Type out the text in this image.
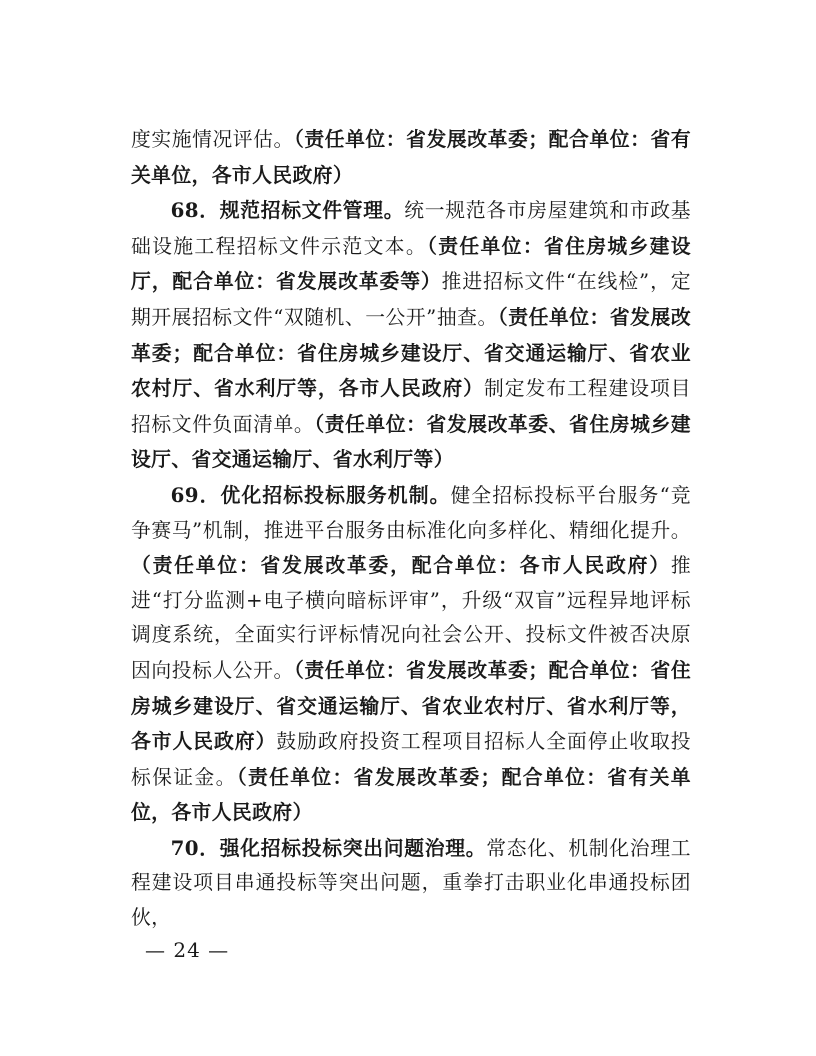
度实施情况评估。（责任单位：省发展改革委；配合单位：省有关单位，各市人民政府）

68．规范招标文件管理。统一规范各市房屋建筑和市政基础设施工程招标文件示范文本。（责任单位：省住房城乡建设厅，配合单位：省发展改革委等）推进招标文件“在线检”，定期开展招标文件“双随机、一公开”抽查。（责任单位：省发展改革委；配合单位：省住房城乡建设厅、省交通运输厅、省农业农村厅、省水利厅等，各市人民政府）制定发布工程建设项目招标文件负面清单。（责任单位：省发展改革委、省住房城乡建设厅、省交通运输厅、省水利厅等）

69．优化招标投标服务机制。健全招标投标平台服务“竞争赛马”机制，推进平台服务由标准化向多样化、精细化提升。（责任单位：省发展改革委，配合单位：各市人民政府）推进“打分监测+电子横向暗标评审”，升级“双盲”远程异地评标调度系统，全面实行评标情况向社会公开、投标文件被否决原因向投标人公开。（责任单位：省发展改革委；配合单位：省住房城乡建设厅、省交通运输厅、省农业农村厅、省水利厅等，各市人民政府）鼓励政府投资工程项目招标人全面停止收取投标保证金。（责任单位：省发展改革委；配合单位：省有关单位，各市人民政府）

70．强化招标投标突出问题治理。常态化、机制化治理工程建设项目串通投标等突出问题，重拳打击职业化串通投标团伙，

— 24 —
